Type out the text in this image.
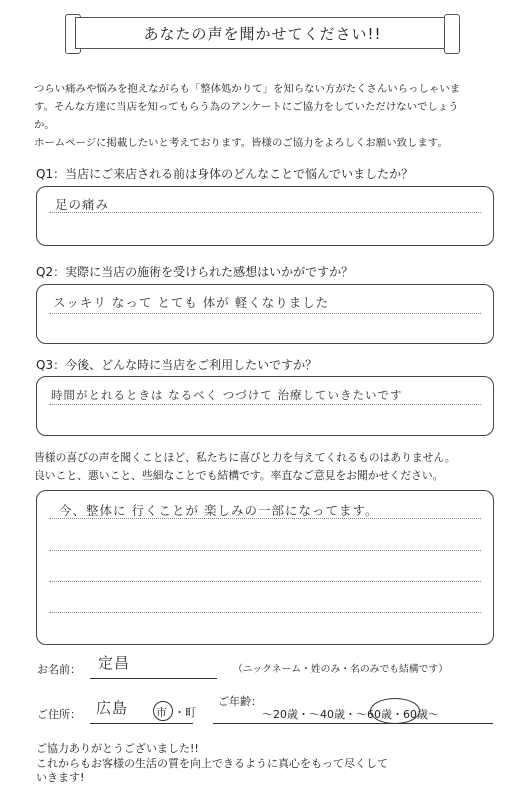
あなたの声を聞かせてください!!
つらい痛みや悩みを抱えながらも「整体処かりて」を知らない方がたくさんいらっしゃいま
す。そんな方達に当店を知ってもらう為のアンケートにご協力をしていただけないでしょう
か。
ホームページに掲載したいと考えております。皆様のご協力をよろしくお願い致します。
Q1：当店にご来店される前は身体のどんなことで悩んでいましたか？
足の痛み
Q2：実際に当店の施術を受けられた感想はいかがですか？
スッキリ なって とても 体が 軽くなりました
Q3：今後、どんな時に当店をご利用したいですか？
時間がとれるときは なるべく つづけて 治療していきたいです
皆様の喜びの声を聞くことほど、私たちに喜びと力を与えてくれるものはありません。
良いこと、悪いこと、些細なことでも結構です。率直なご意見をお聞かせください。
今、整体に 行くことが 楽しみの一部になってます。
お名前： 定昌	（ニックネーム・姓のみ・名のみでも結構です）
ご住所： 広島	市 ・町
ご年齢：
～20歳・～40歳・～60歳・60歳～
ご協力ありがとうございました!!
これからもお客様の生活の質を向上できるように真心をもって尽くして
いきます!
